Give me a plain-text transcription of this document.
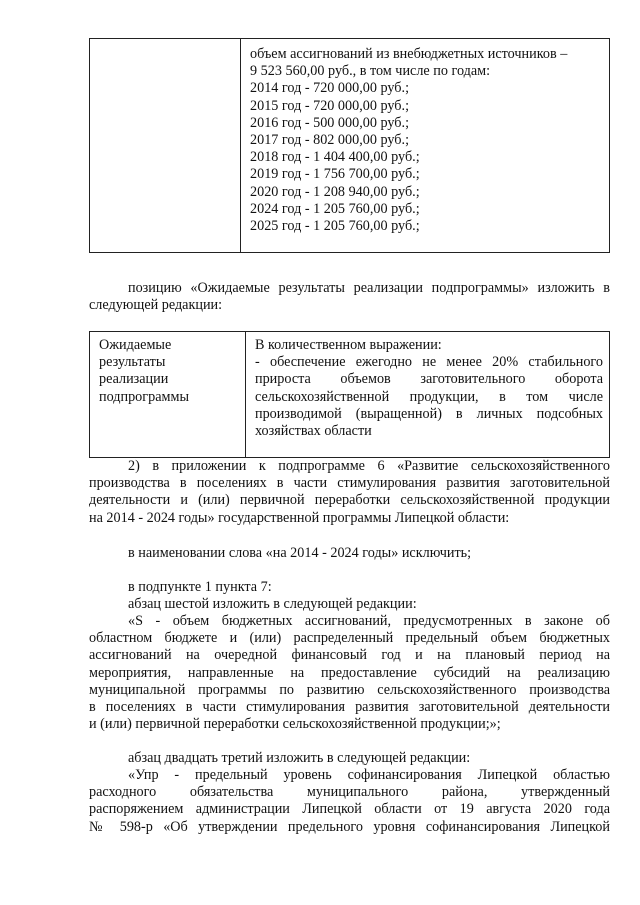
объем ассигнований из внебюджетных источников –
9 523 560,00 руб., в том числе по годам:
2014 год - 720 000,00 руб.;
2015 год - 720 000,00 руб.;
2016 год - 500 000,00 руб.;
2017 год - 802 000,00 руб.;
2018 год - 1 404 400,00 руб.;
2019 год - 1 756 700,00 руб.;
2020 год - 1 208 940,00 руб.;
2024 год - 1 205 760,00 руб.;
2025 год - 1 205 760,00 руб.;
позицию «Ожидаемые результаты реализации подпрограммы» изложить в
следующей редакции:
Ожидаемые
результаты
реализации
подпрограммы

В количественном выражении:
- обеспечение ежегодно не менее 20% стабильного
прироста объемов заготовительного оборота
сельскохозяйственной продукции, в том числе
производимой (выращенной) в личных подсобных
хозяйствах области
2) в приложении к подпрограмме 6 «Развитие сельскохозяйственного
производства в поселениях в части стимулирования развития заготовительной
деятельности и (или) первичной переработки сельскохозяйственной продукции
на 2014 - 2024 годы» государственной программы Липецкой области:
в наименовании слова «на 2014 - 2024 годы» исключить;
в подпункте 1 пункта 7:
абзац шестой изложить в следующей редакции:
«S - объем бюджетных ассигнований, предусмотренных в законе об
областном бюджете и (или) распределенный предельный объем бюджетных
ассигнований на очередной финансовый год и на плановый период на
мероприятия, направленные на предоставление субсидий на реализацию
муниципальной программы по развитию сельскохозяйственного производства
в поселениях в части стимулирования развития заготовительной деятельности
и (или) первичной переработки сельскохозяйственной продукции;»;
абзац двадцать третий изложить в следующей редакции:
«Упр - предельный уровень софинансирования Липецкой областью
расходного обязательства муниципального района, утвержденный
распоряжением администрации Липецкой области от 19 августа 2020 года
№ 598-р «Об утверждении предельного уровня софинансирования Липецкой
